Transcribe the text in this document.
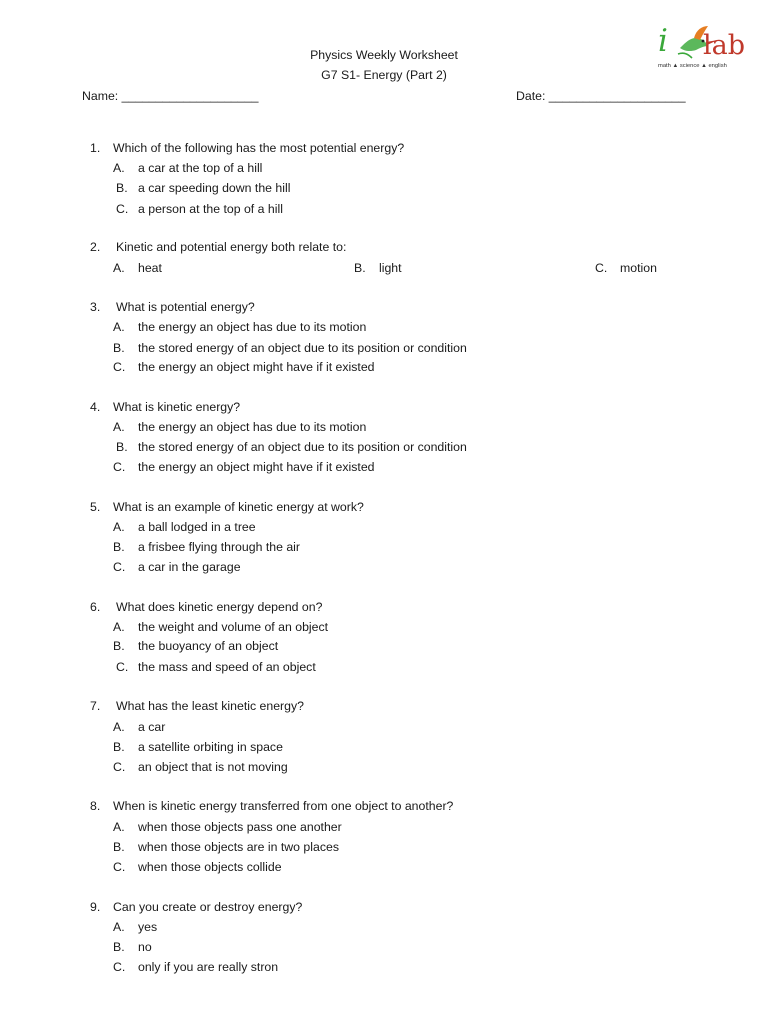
Physics Weekly Worksheet
G7 S1- Energy (Part 2)
Name: ____________________	Date: ____________________
i lab
math ▲ science ▲ english
1. Which of the following has the most potential energy?
A. a car at the top of a hill
B. a car speeding down the hill
C. a person at the top of a hill
2. Kinetic and potential energy both relate to:
A. heat	B. light	C. motion
3. What is potential energy?
A. the energy an object has due to its motion
B. the stored energy of an object due to its position or condition
C. the energy an object might have if it existed
4. What is kinetic energy?
A. the energy an object has due to its motion
B. the stored energy of an object due to its position or condition
C. the energy an object might have if it existed
5. What is an example of kinetic energy at work?
A. a ball lodged in a tree
B. a frisbee flying through the air
C. a car in the garage
6. What does kinetic energy depend on?
A. the weight and volume of an object
B. the buoyancy of an object
C. the mass and speed of an object
7. What has the least kinetic energy?
A. a car
B. a satellite orbiting in space
C. an object that is not moving
8. When is kinetic energy transferred from one object to another?
A. when those objects pass one another
B. when those objects are in two places
C. when those objects collide
9. Can you create or destroy energy?
A. yes
B. no
C. only if you are really stron
